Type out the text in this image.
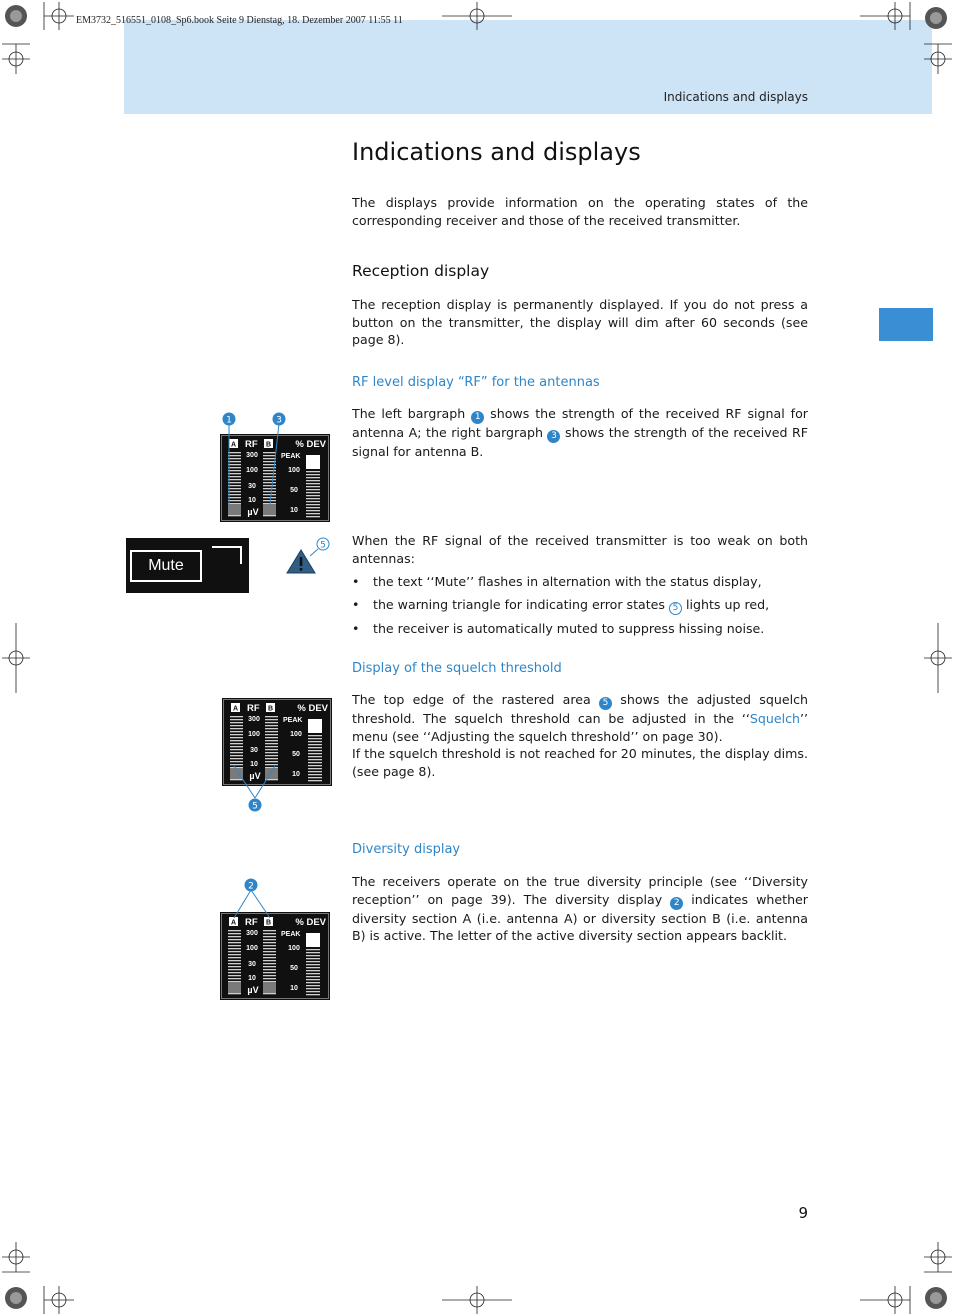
EM3732_516551_0108_Sp6.book Seite 9 Dienstag, 18. Dezember 2007 11:55 11
Indications and displays
Indications and displays
The displays provide information on the operating states of the corresponding receiver and those of the received transmitter.
Reception display
The reception display is permanently displayed. If you do not press a button on the transmitter, the display will dim after 60 seconds (see page 8).
RF level display “RF” for the antennas
The left bargraph 1 shows the strength of the received RF signal for antenna A; the right bargraph 3 shows the strength of the received RF signal for antenna B.
When the RF signal of the received transmitter is too weak on both antennas:
• the text ‘‘Mute’’ flashes in alternation with the status display,
• the warning triangle for indicating error states 5 lights up red,
• the receiver is automatically muted to suppress hissing noise.
Display of the squelch threshold
The top edge of the rastered area 5 shows the adjusted squelch threshold. The squelch threshold can be adjusted in the ‘‘Squelch’’ menu (see ‘‘Adjusting the squelch threshold’’ on page 30).
If the squelch threshold is not reached for 20 minutes, the display dims. (see page 8).
Diversity display
The receivers operate on the true diversity principle (see ‘‘Diversity reception’’ on page 39). The diversity display 2 indicates whether diversity section A (i.e. antenna A) or diversity section B (i.e. antenna B) is active. The letter of the active diversity section appears backlit.
A RF B	% DEV
PEAK
300
100
30
10
µV
100
50
10
A RF B	% DEV
PEAK
300
100
30
10
µV
100
50
10
A RF B	% DEV
PEAK
300
100
30
10
µV
100
50
10
1	3
Mute
5
5
2
9
